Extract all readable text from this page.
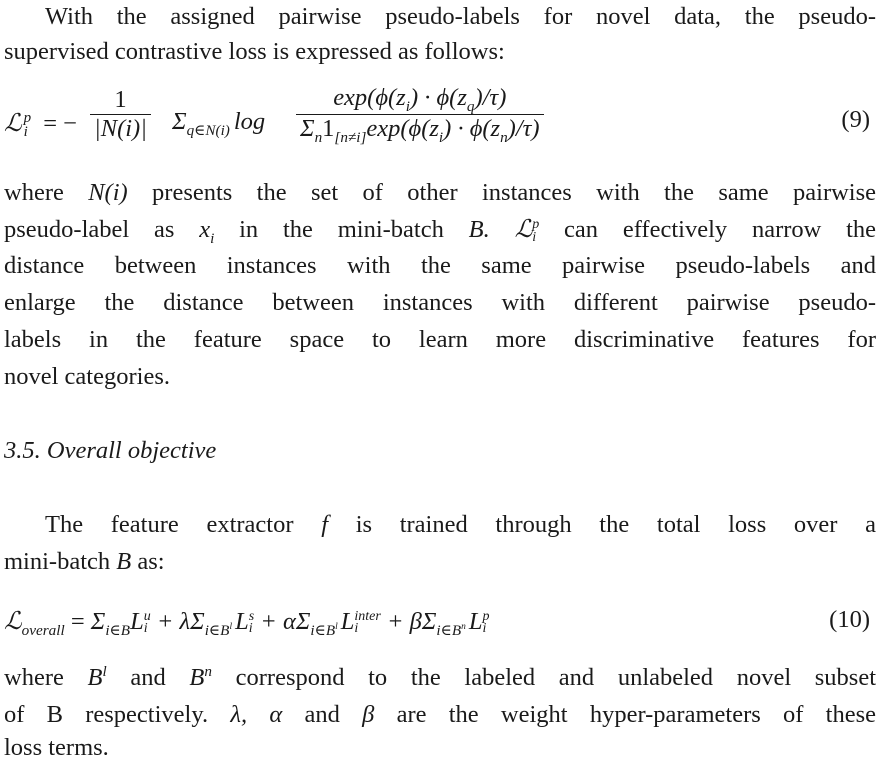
With the assigned pairwise pseudo-labels for novel data, the pseudo-
supervised contrastive loss is expressed as follows:
ℒ p
i = − $\frac{1}{|N(i)|} \Sigma_{q\in N(i)}$ $\log \frac{\exp(\phi(z_i) \cdot \phi(z_q)/\tau)}{\Sigma_n1_{[n\ne i]}\exp(\phi(z_i) \cdot \phi(z_n)/\tau)}$	(9)
where N(i) presents the set of other instances with the same pairwise
pseudo-label as $x_i$ in the mini-batch B. ℒ p
i can effectively narrow the
distance between instances with the same pairwise pseudo-labels and
enlarge the distance between instances with different pairwise pseudo-
labels in the feature space to learn more discriminative features for
novel categories.
3.5. Overall objective
The feature extractor f is trained through the total loss over a
mini-batch B as:
ℒ$_{overall}$ = $\Sigma_{i\in B}L$ u
$i + \lambda\Sigma_{i\in B^l}$ L s
$i + \alpha\Sigma_{i\in B^l}$ L inter
i	+ $\beta\Sigma_{i\in B^n}$ L p
i	(10)
where $B^l$ and $B^n$ correspond to the labeled and unlabeled novel subset
of B respectively. λ, α and β are the weight hyper-parameters of these
loss terms.
